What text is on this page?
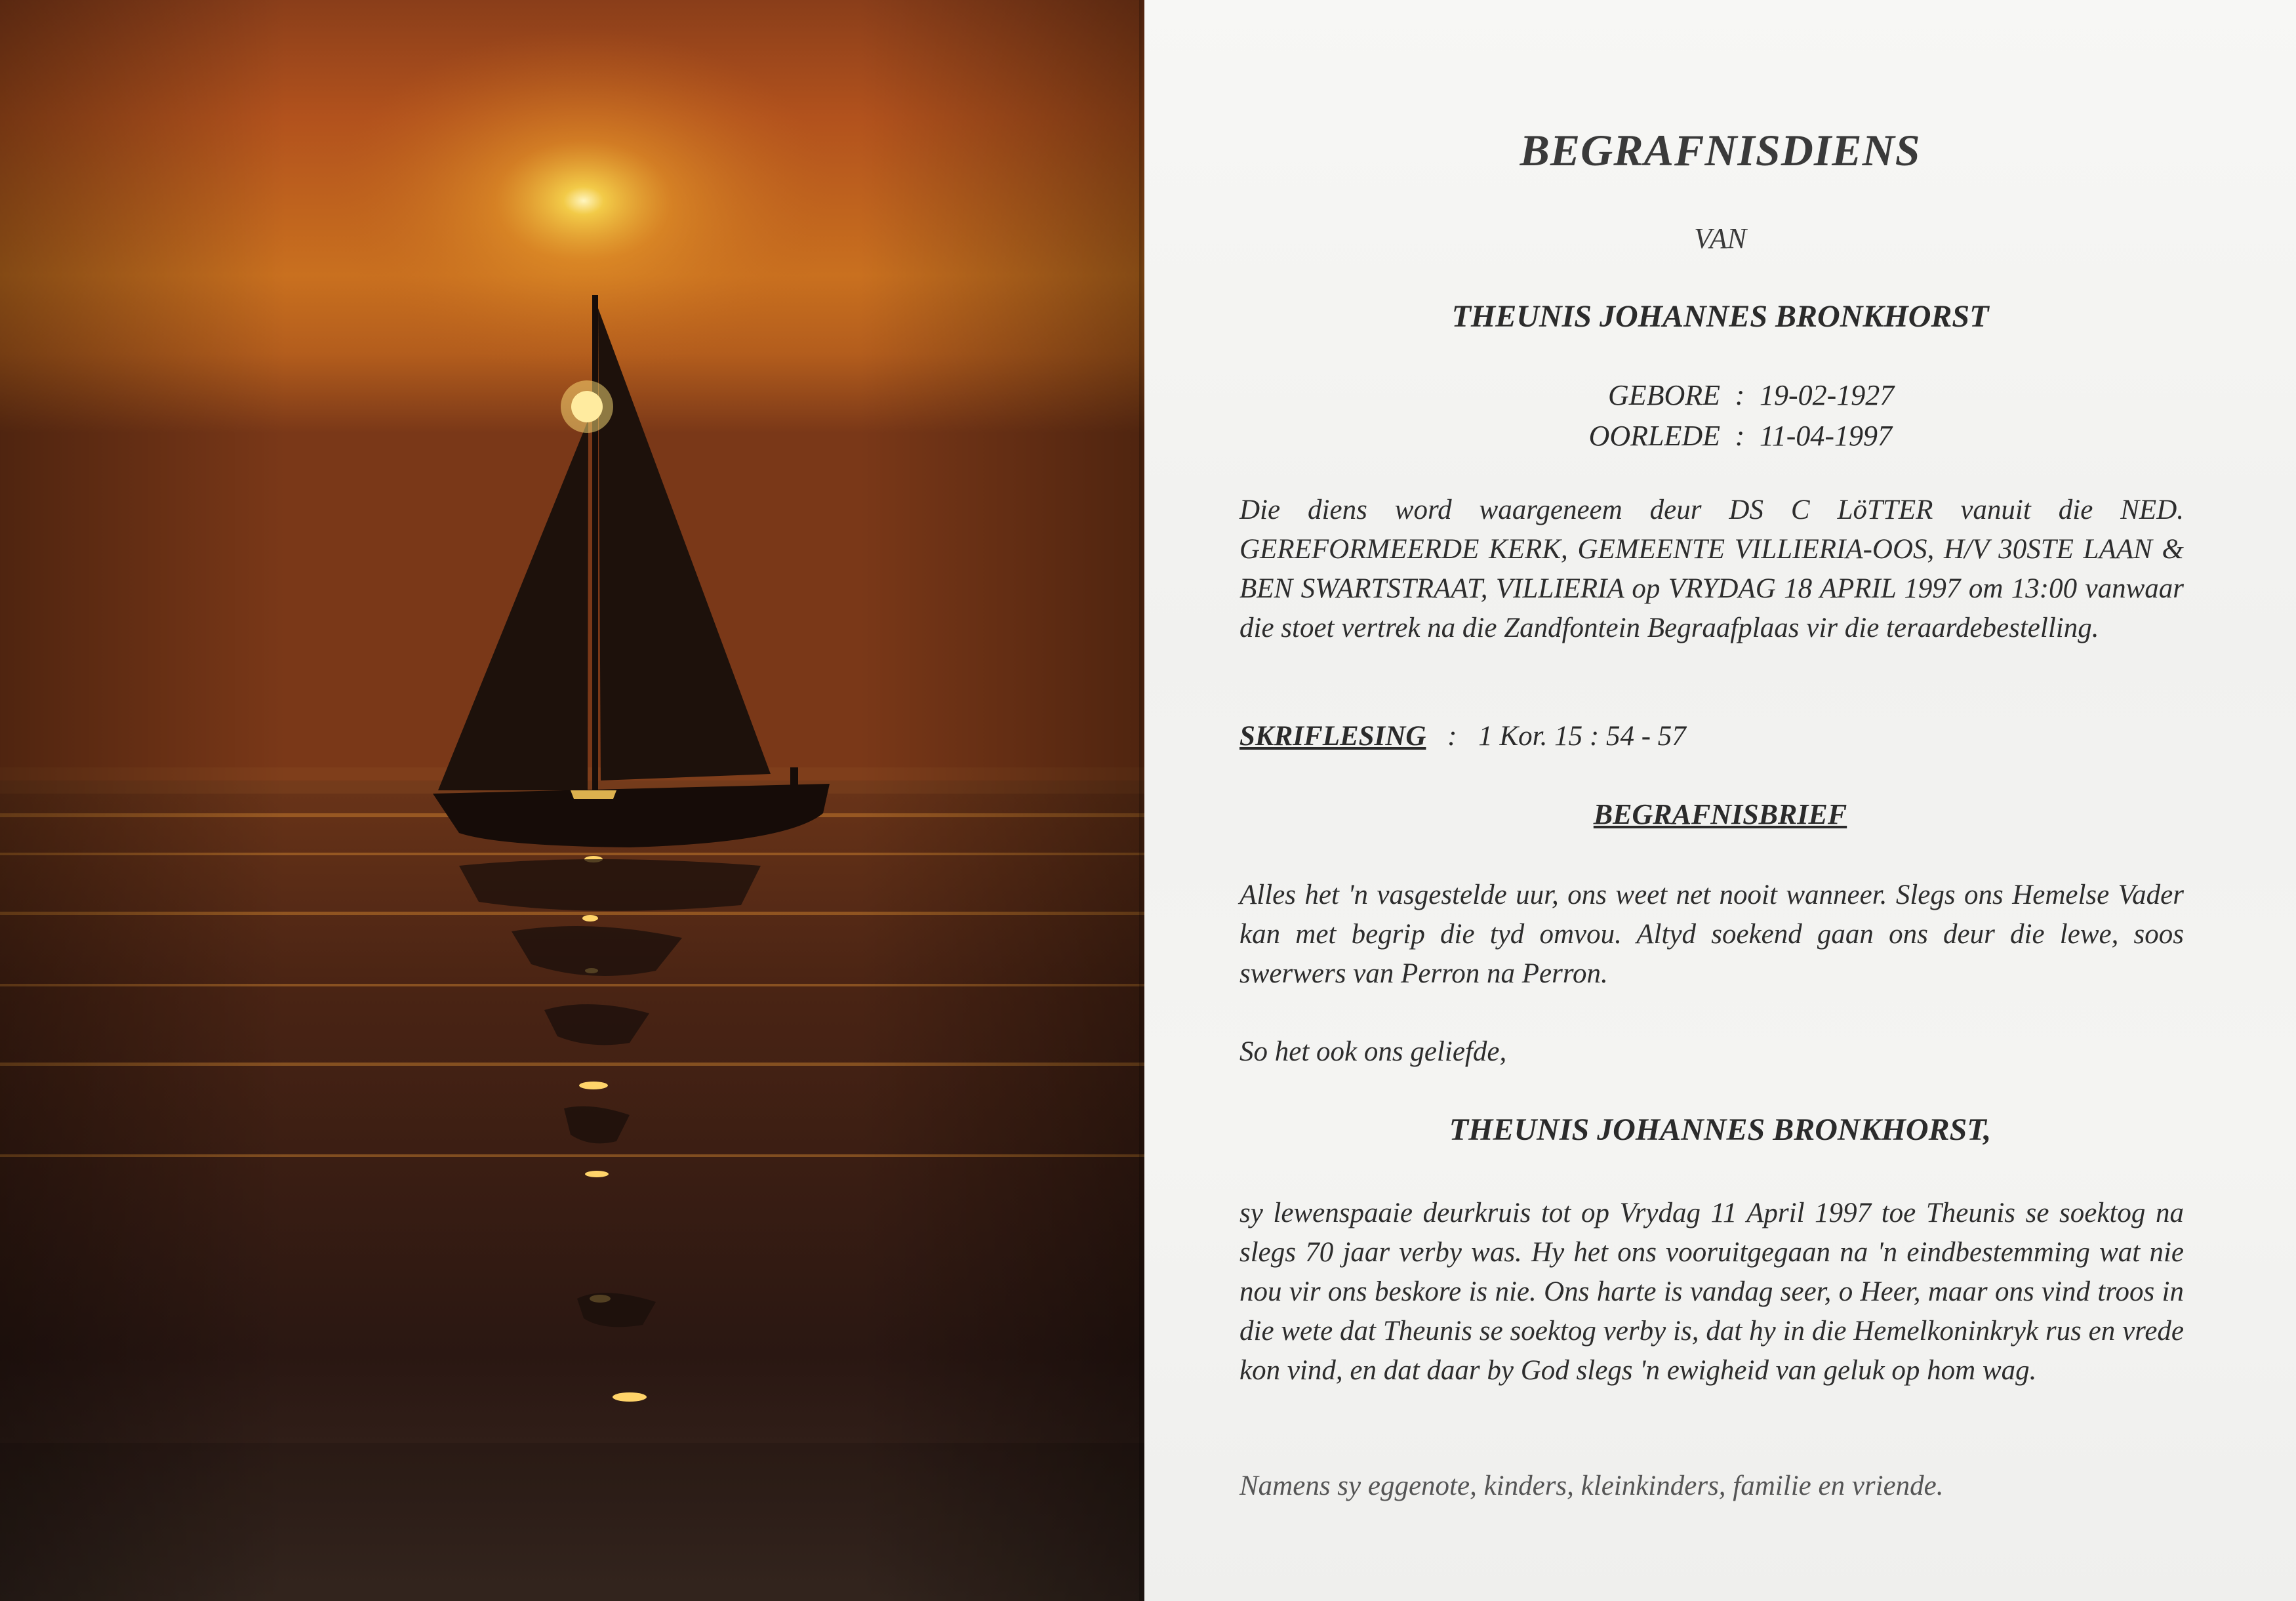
BEGRAFNISDIENS
VAN
THEUNIS JOHANNES BRONKHORST
GEBORE : 19-02-1927
OORLEDE : 11-04-1997
Die diens word waargeneem deur DS C LöTTER vanuit die NED. GEREFORMEERDE KERK, GEMEENTE VILLIERIA-OOS, H/V 30STE LAAN & BEN SWARTSTRAAT, VILLIERIA op VRYDAG 18 APRIL 1997 om 13:00 vanwaar die stoet vertrek na die Zandfontein Begraafplaas vir die teraardebestelling.
SKRIFLESING : 1 Kor. 15 : 54 - 57
BEGRAFNISBRIEF
Alles het 'n vasgestelde uur, ons weet net nooit wanneer. Slegs ons Hemelse Vader kan met begrip die tyd omvou. Altyd soekend gaan ons deur die lewe, soos swerwers van Perron na Perron.
So het ook ons geliefde,
THEUNIS JOHANNES BRONKHORST,
sy lewenspaaie deurkruis tot op Vrydag 11 April 1997 toe Theunis se soektog na slegs 70 jaar verby was. Hy het ons vooruitgegaan na 'n eindbestemming wat nie nou vir ons beskore is nie. Ons harte is vandag seer, o Heer, maar ons vind troos in die wete dat Theunis se soektog verby is, dat hy in die Hemelkoninkryk rus en vrede kon vind, en dat daar by God slegs 'n ewigheid van geluk op hom wag.
Namens sy eggenote, kinders, kleinkinders, familie en vriende.
